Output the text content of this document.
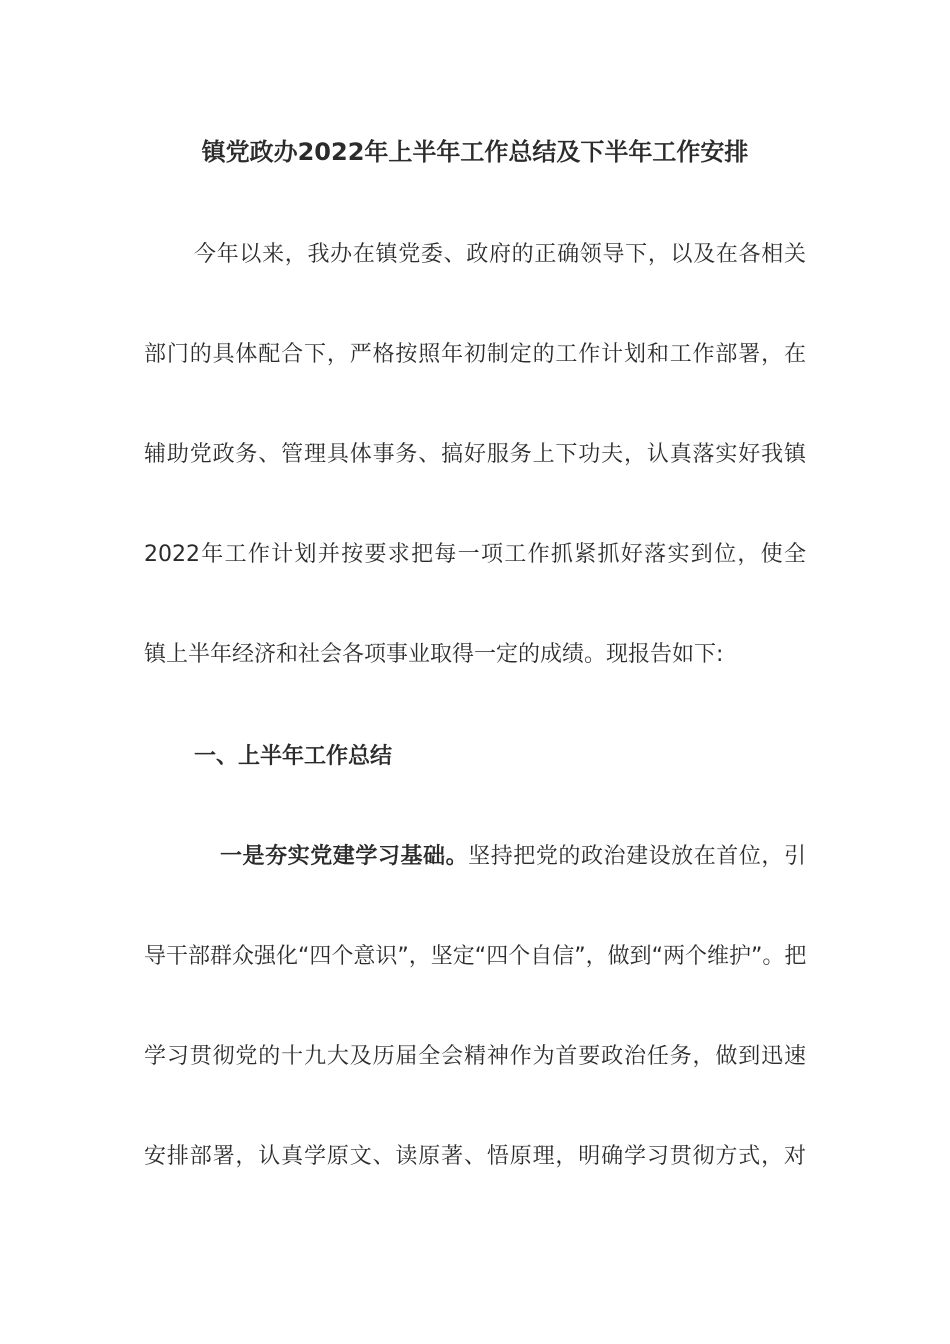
镇党政办2022年上半年工作总结及下半年工作安排
今年以来，我办在镇党委、政府的正确领导下，以及在各相关
部门的具体配合下，严格按照年初制定的工作计划和工作部署，在
辅助党政务、管理具体事务、搞好服务上下功夫，认真落实好我镇
2022年工作计划并按要求把每一项工作抓紧抓好落实到位，使全
镇上半年经济和社会各项事业取得一定的成绩。现报告如下:
一、上半年工作总结
一是夯实党建学习基础。坚持把党的政治建设放在首位，引
导干部群众强化“四个意识”，坚定“四个自信”，做到“两个维护”。把
学习贯彻党的十九大及历届全会精神作为首要政治任务，做到迅速
安排部署，认真学原文、读原著、悟原理，明确学习贯彻方式，对
